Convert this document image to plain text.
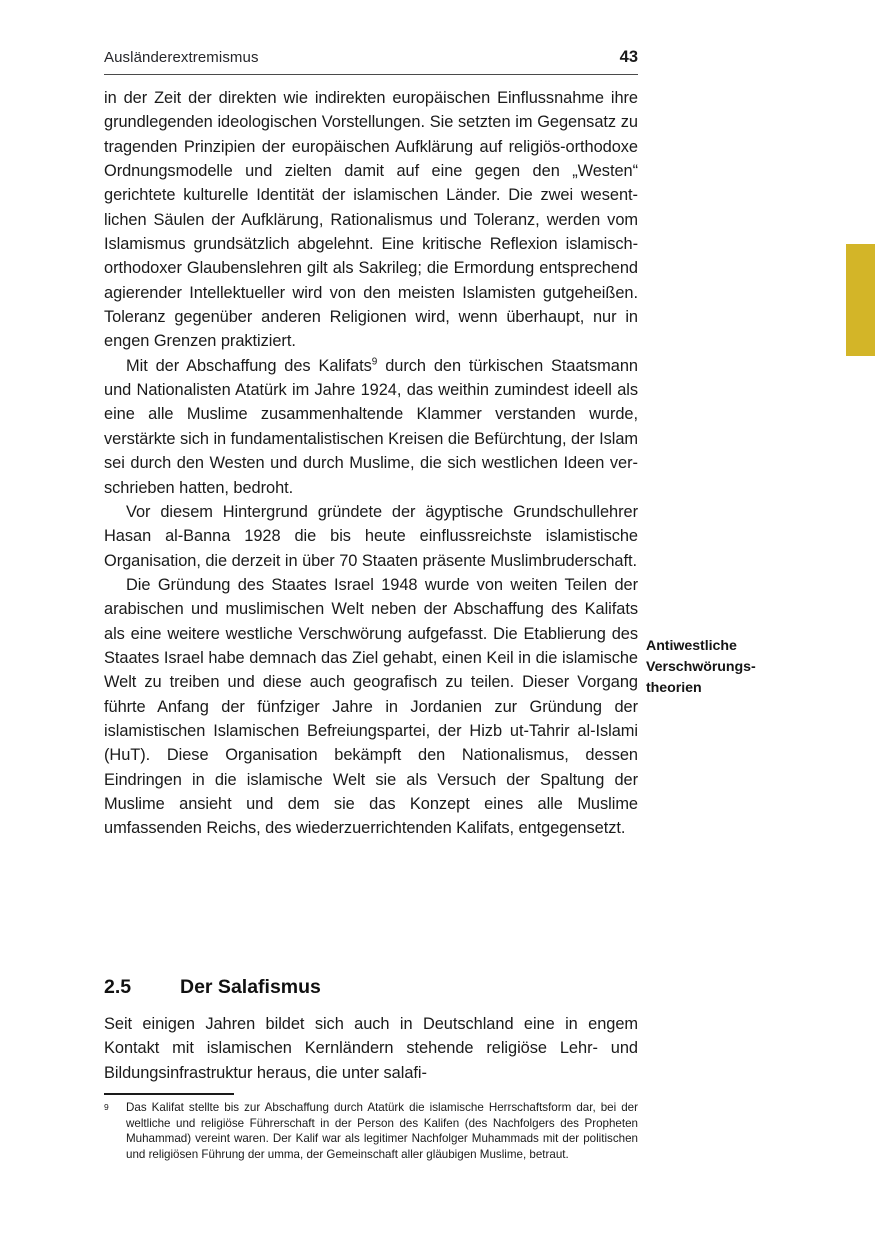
Ausländerextremismus	43

in der Zeit der direkten wie indirekten europäischen Einflussnahme ihre grundlegenden ideologischen Vorstellungen. Sie setzten im Gegensatz zu tragenden Prinzipien der europäischen Aufklärung auf religiös-orthodoxe Ordnungsmodelle und zielten damit auf eine gegen den „Westen“ gerichtete kulturelle Identität der islamischen Länder. Die zwei wesentlichen Säulen der Aufklärung, Rationalismus und Toleranz, werden vom Islamismus grundsätzlich abgelehnt. Eine kritische Reflexion islamisch-orthodoxer Glaubenslehren gilt als Sakrileg; die Ermordung entsprechend agierender Intellektueller wird von den meisten Islamisten gutgeheißen. Toleranz gegenüber anderen Religionen wird, wenn überhaupt, nur in engen Grenzen praktiziert.

Mit der Abschaffung des Kalifats$^9$ durch den türkischen Staatsmann und Nationalisten Atatürk im Jahre 1924, das weithin zumindest ideell als eine alle Muslime zusammenhaltende Klammer verstanden wurde, verstärkte sich in fundamentalistischen Kreisen die Befürchtung, der Islam sei durch den Westen und durch Muslime, die sich westlichen Ideen verschrieben hatten, bedroht.

Vor diesem Hintergrund gründete der ägyptische Grundschullehrer Hasan al-Banna 1928 die bis heute einflussreichste islamistische Organisation, die derzeit in über 70 Staaten präsente Muslimbruderschaft.

Die Gründung des Staates Israel 1948 wurde von weiten Teilen der arabischen und muslimischen Welt neben der Abschaffung des Kalifats als eine weitere westliche Verschwörung aufgefasst. Die Etablierung des Staates Israel habe demnach das Ziel gehabt, einen Keil in die islamische Welt zu treiben und diese auch geografisch zu teilen. Dieser Vorgang führte Anfang der fünfziger Jahre in Jordanien zur Gründung der islamistischen Islamischen Befreiungspartei, der Hizb ut-Tahrir al-Islami (HuT). Diese Organisation bekämpft den Nationalismus, dessen Eindringen in die islamische Welt sie als Versuch der Spaltung der Muslime ansieht und dem sie das Konzept eines alle Muslime umfassenden Reichs, des wiederzuerrichtenden Kalifats, entgegensetzt.

Antiwestliche
Verschwörungs-
theorien
2.5	Der Salafismus

Seit einigen Jahren bildet sich auch in Deutschland eine in engem Kontakt mit islamischen Kernländern stehende religiöse Lehr- und Bildungsinfrastruktur heraus, die unter salafi-

9	Das Kalifat stellte bis zur Abschaffung durch Atatürk die islamische Herrschaftsform dar, bei der weltliche und religiöse Führerschaft in der Person des Kalifen (des Nachfolgers des Propheten Muhammad) vereint waren. Der Kalif war als legitimer Nachfolger Muhammads mit der politischen und religiösen Führung der umma, der Gemeinschaft aller gläubigen Muslime, betraut.
